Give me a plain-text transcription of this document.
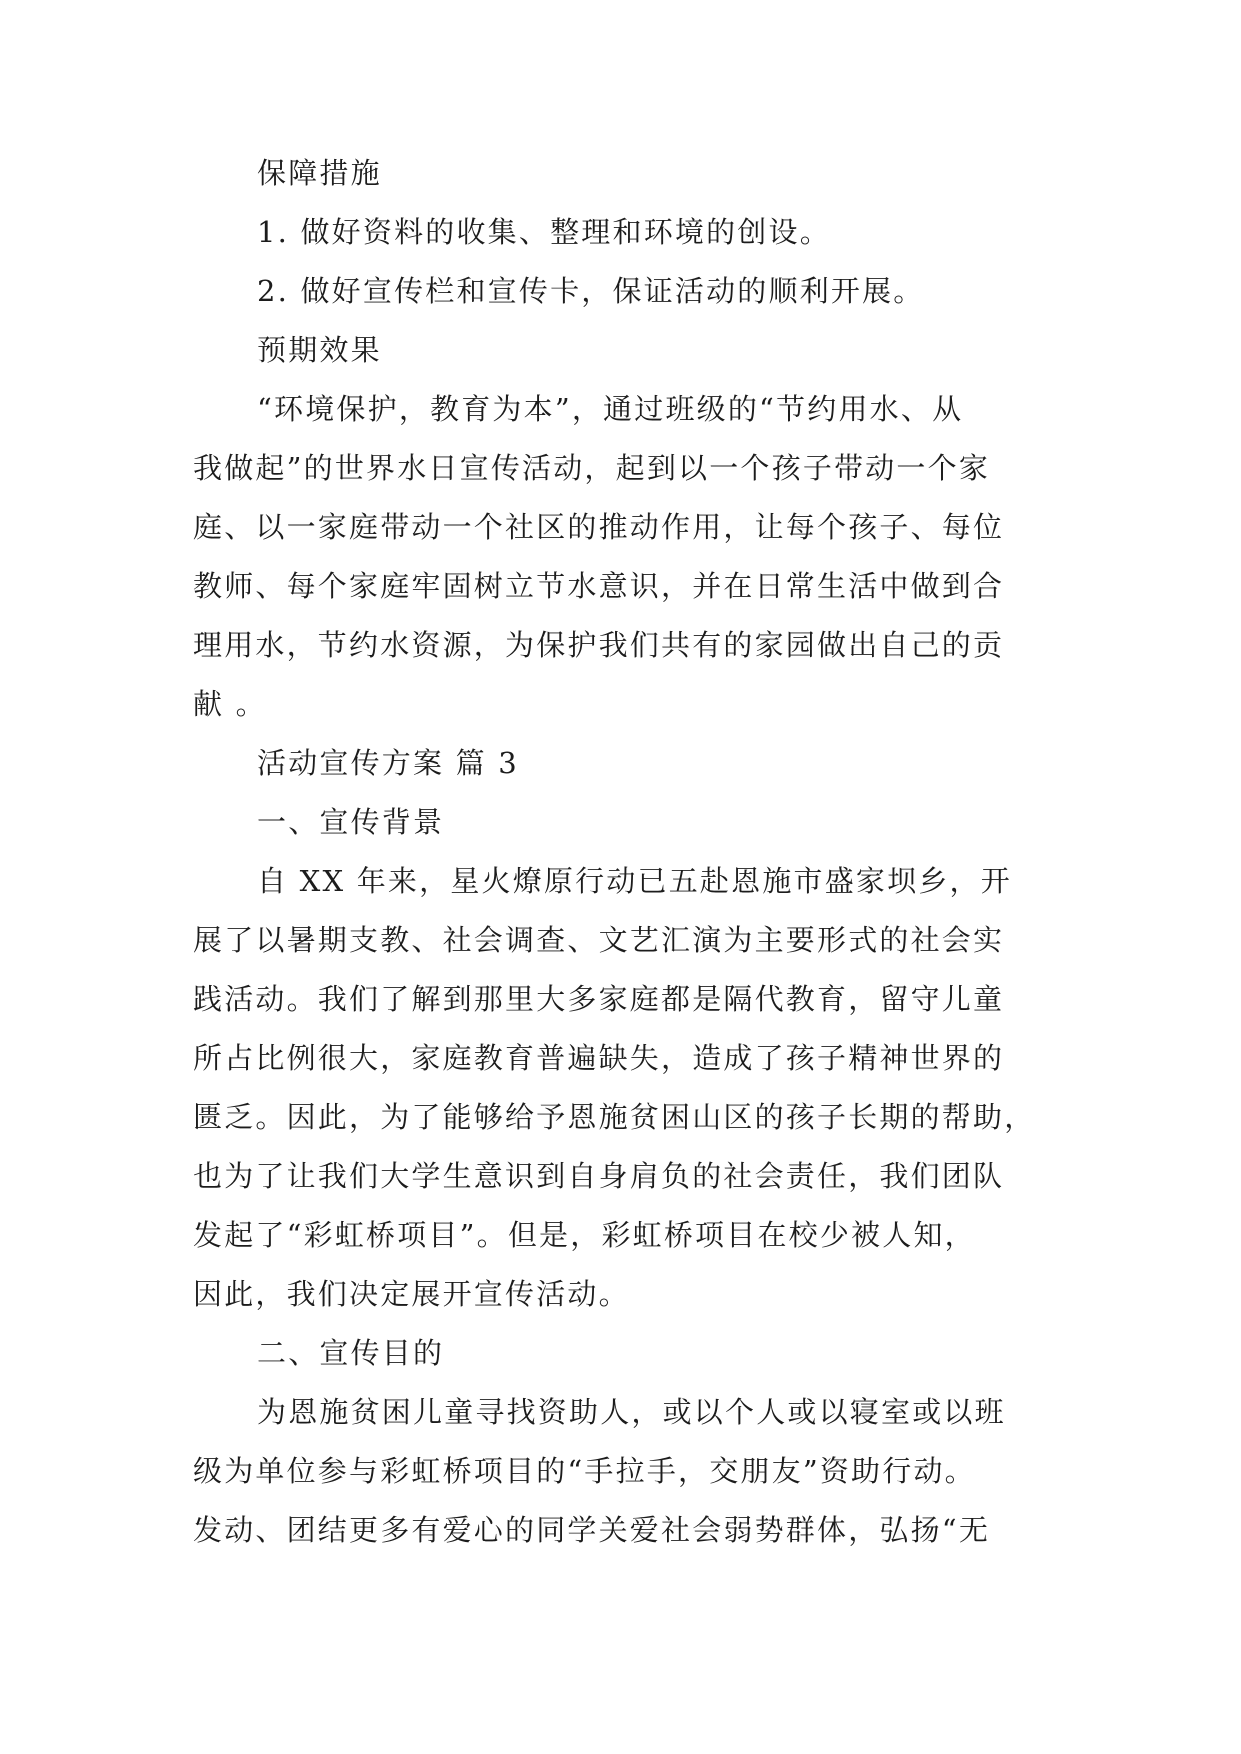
保障措施
1. 做好资料的收集、整理和环境的创设。
2. 做好宣传栏和宣传卡，保证活动的顺利开展。
预期效果
“环境保护，教育为本”，通过班级的“节约用水、从
我做起”的世界水日宣传活动，起到以一个孩子带动一个家
庭、以一家庭带动一个社区的推动作用，让每个孩子、每位
教师、每个家庭牢固树立节水意识，并在日常生活中做到合
理用水，节约水资源，为保护我们共有的家园做出自己的贡
献 。
活动宣传方案 篇 3
一、宣传背景
自 XX 年来，星火燎原行动已五赴恩施市盛家坝乡，开
展了以暑期支教、社会调查、文艺汇演为主要形式的社会实
践活动。我们了解到那里大多家庭都是隔代教育，留守儿童
所占比例很大，家庭教育普遍缺失，造成了孩子精神世界的
匮乏。因此，为了能够给予恩施贫困山区的孩子长期的帮助，
也为了让我们大学生意识到自身肩负的社会责任，我们团队
发起了“彩虹桥项目”。但是，彩虹桥项目在校少被人知，
因此，我们决定展开宣传活动。
二、宣传目的
为恩施贫困儿童寻找资助人，或以个人或以寝室或以班
级为单位参与彩虹桥项目的“手拉手，交朋友”资助行动。
发动、团结更多有爱心的同学关爱社会弱势群体，弘扬“无
